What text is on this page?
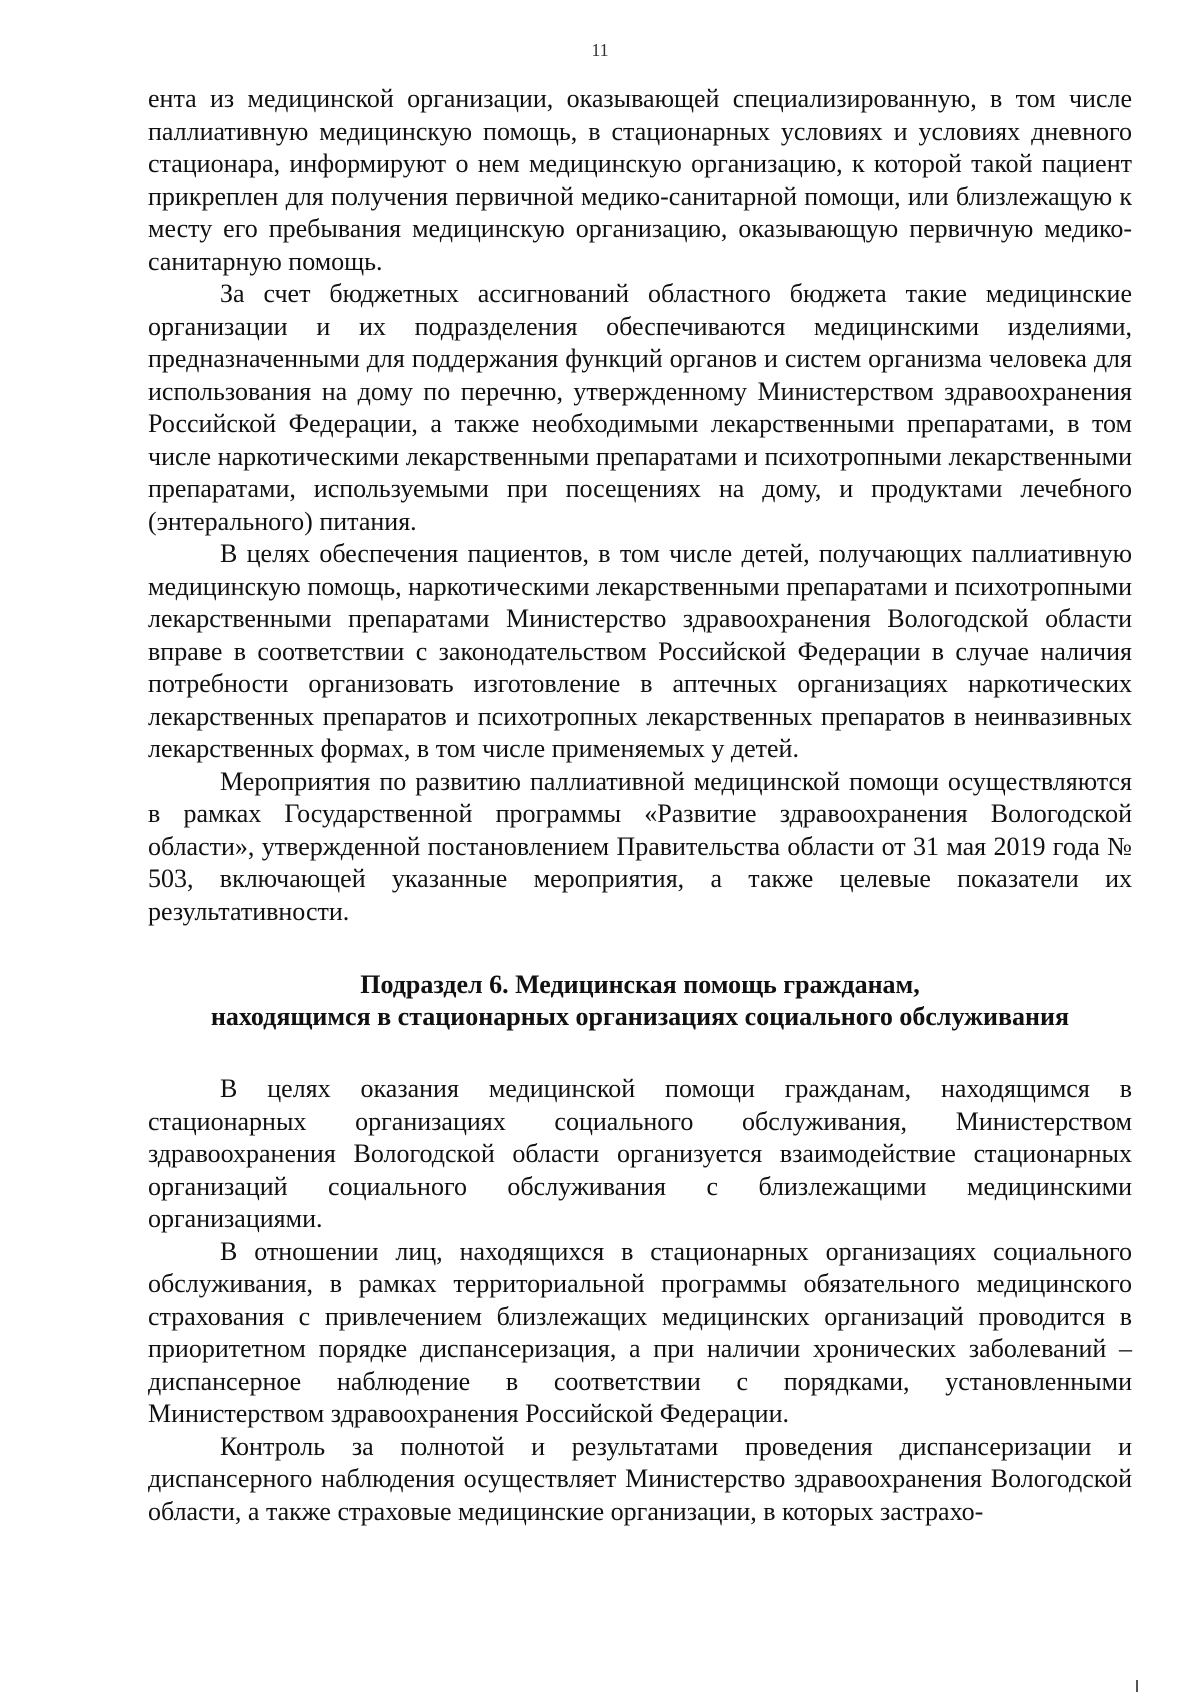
11

ента из медицинской организации, оказывающей специализированную, в том числе паллиативную медицинскую помощь, в стационарных условиях и условиях дневного стационара, информируют о нем медицинскую организацию, к которой такой пациент прикреплен для получения первичной медико-санитарной помощи, или близлежащую к месту его пребывания медицинскую организацию, оказывающую первичную медико-санитарную помощь.

За счет бюджетных ассигнований областного бюджета такие медицинские организации и их подразделения обеспечиваются медицинскими изделиями, предназначенными для поддержания функций органов и систем организма человека для использования на дому по перечню, утвержденному Министерством здравоохранения Российской Федерации, а также необходимыми лекарственными препаратами, в том числе наркотическими лекарственными препаратами и психотропными лекарственными препаратами, используемыми при посещениях на дому, и продуктами лечебного (энтерального) питания.

В целях обеспечения пациентов, в том числе детей, получающих паллиативную медицинскую помощь, наркотическими лекарственными препаратами и психотропными лекарственными препаратами Министерство здравоохранения Вологодской области вправе в соответствии с законодательством Российской Федерации в случае наличия потребности организовать изготовление в аптечных организациях наркотических лекарственных препаратов и психотропных лекарственных препаратов в неинвазивных лекарственных формах, в том числе применяемых у детей.

Мероприятия по развитию паллиативной медицинской помощи осуществляются в рамках Государственной программы «Развитие здравоохранения Вологодской области», утвержденной постановлением Правительства области от 31 мая 2019 года № 503, включающей указанные мероприятия, а также целевые показатели их результативности.

Подраздел 6. Медицинская помощь гражданам,
находящимся в стационарных организациях социального обслуживания

В целях оказания медицинской помощи гражданам, находящимся в стационарных организациях социального обслуживания, Министерством здравоохранения Вологодской области организуется взаимодействие стационарных организаций социального обслуживания с близлежащими медицинскими организациями.

В отношении лиц, находящихся в стационарных организациях социального обслуживания, в рамках территориальной программы обязательного медицинского страхования с привлечением близлежащих медицинских организаций проводится в приоритетном порядке диспансеризация, а при наличии хронических заболеваний – диспансерное наблюдение в соответствии с порядками, установленными Министерством здравоохранения Российской Федерации.

Контроль за полнотой и результатами проведения диспансеризации и диспансерного наблюдения осуществляет Министерство здравоохранения Вологодской области, а также страховые медицинские организации, в которых застрахо-
